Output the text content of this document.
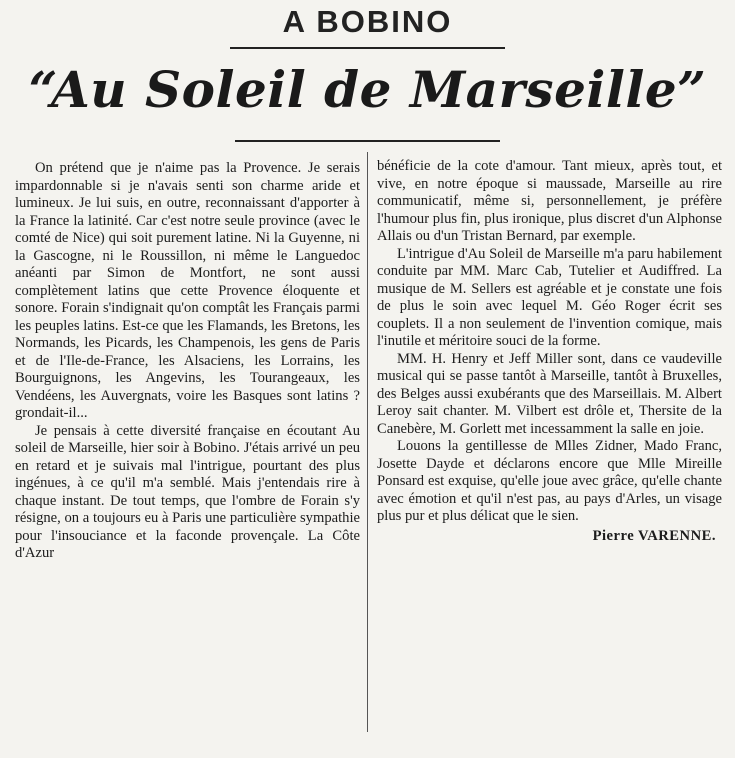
A BOBINO
“Au Soleil de Marseille”

On prétend que je n'aime pas la Provence. Je serais impardonnable si je n'avais senti son charme aride et lumineux. Je lui suis, en outre, reconnaissant d'apporter à la France la latinité. Car c'est notre seule province (avec le comté de Nice) qui soit purement latine. Ni la Guyenne, ni la Gascogne, ni le Roussillon, ni même le Languedoc anéanti par Simon de Montfort, ne sont aussi complètement latins que cette Provence éloquente et sonore. Forain s'indignait qu'on comptât les Français parmi les peuples latins. Est-ce que les Flamands, les Bretons, les Normands, les Picards, les Champenois, les gens de Paris et de l'Ile-de-France, les Alsaciens, les Lorrains, les Bourguignons, les Angevins, les Tourangeaux, les Vendéens, les Auvergnats, voire les Basques sont latins ? grondait-il...

Je pensais à cette diversité française en écoutant Au soleil de Marseille, hier soir à Bobino. J'étais arrivé un peu en retard et je suivais mal l'intrigue, pourtant des plus ingénues, à ce qu'il m'a semblé. Mais j'entendais rire à chaque instant. De tout temps, que l'ombre de Forain s'y résigne, on a toujours eu à Paris une particulière sympathie pour l'insouciance et la faconde provençale. La Côte d'Azur

bénéficie de la cote d'amour. Tant mieux, après tout, et vive, en notre époque si maussade, Marseille au rire communicatif, même si, personnellement, je préfère l'humour plus fin, plus ironique, plus discret d'un Alphonse Allais ou d'un Tristan Bernard, par exemple.

L'intrigue d'Au Soleil de Marseille m'a paru habilement conduite par MM. Marc Cab, Tutelier et Audiffred. La musique de M. Sellers est agréable et je constate une fois de plus le soin avec lequel M. Géo Roger écrit ses couplets. Il a non seulement de l'invention comique, mais l'inutile et méritoire souci de la forme.

MM. H. Henry et Jeff Miller sont, dans ce vaudeville musical qui se passe tantôt à Marseille, tantôt à Bruxelles, des Belges aussi exubérants que des Marseillais. M. Albert Leroy sait chanter. M. Vilbert est drôle et, Thersite de la Canebère, M. Gorlett met incessamment la salle en joie.

Louons la gentillesse de Mlles Zidner, Mado Franc, Josette Dayde et déclarons encore que Mlle Mireille Ponsard est exquise, qu'elle joue avec grâce, qu'elle chante avec émotion et qu'il n'est pas, au pays d'Arles, un visage plus pur et plus délicat que le sien.

Pierre VARENNE.
